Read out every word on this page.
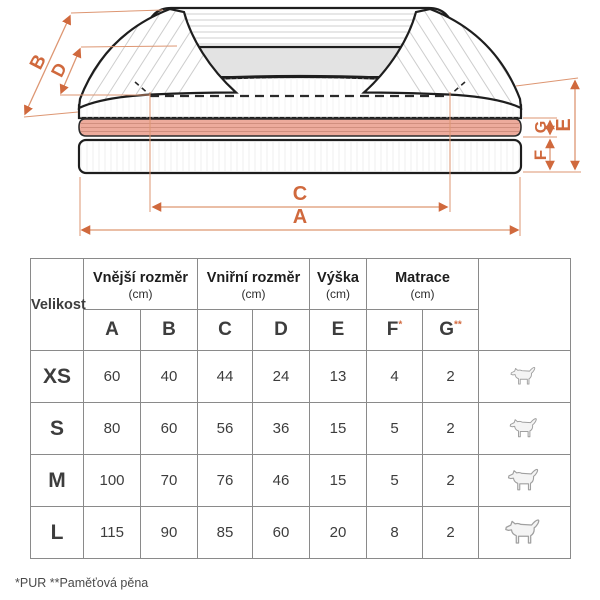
A
B
C
D
E
G
F
Velikost	
Vnější rozměr
(cm)

Vniřní rozměr
(cm)

Výška
(cm)

Matrace
(cm)

	A	B	C	D	E	F*	G**
XS	60	40	44	24	13	4	2	

S	80	60	56	36	15	5	2	

M	100	70	76	46	15	5	2	

L	115	90	85	60	20	8	2	
*PUR **Paměťová pěna
